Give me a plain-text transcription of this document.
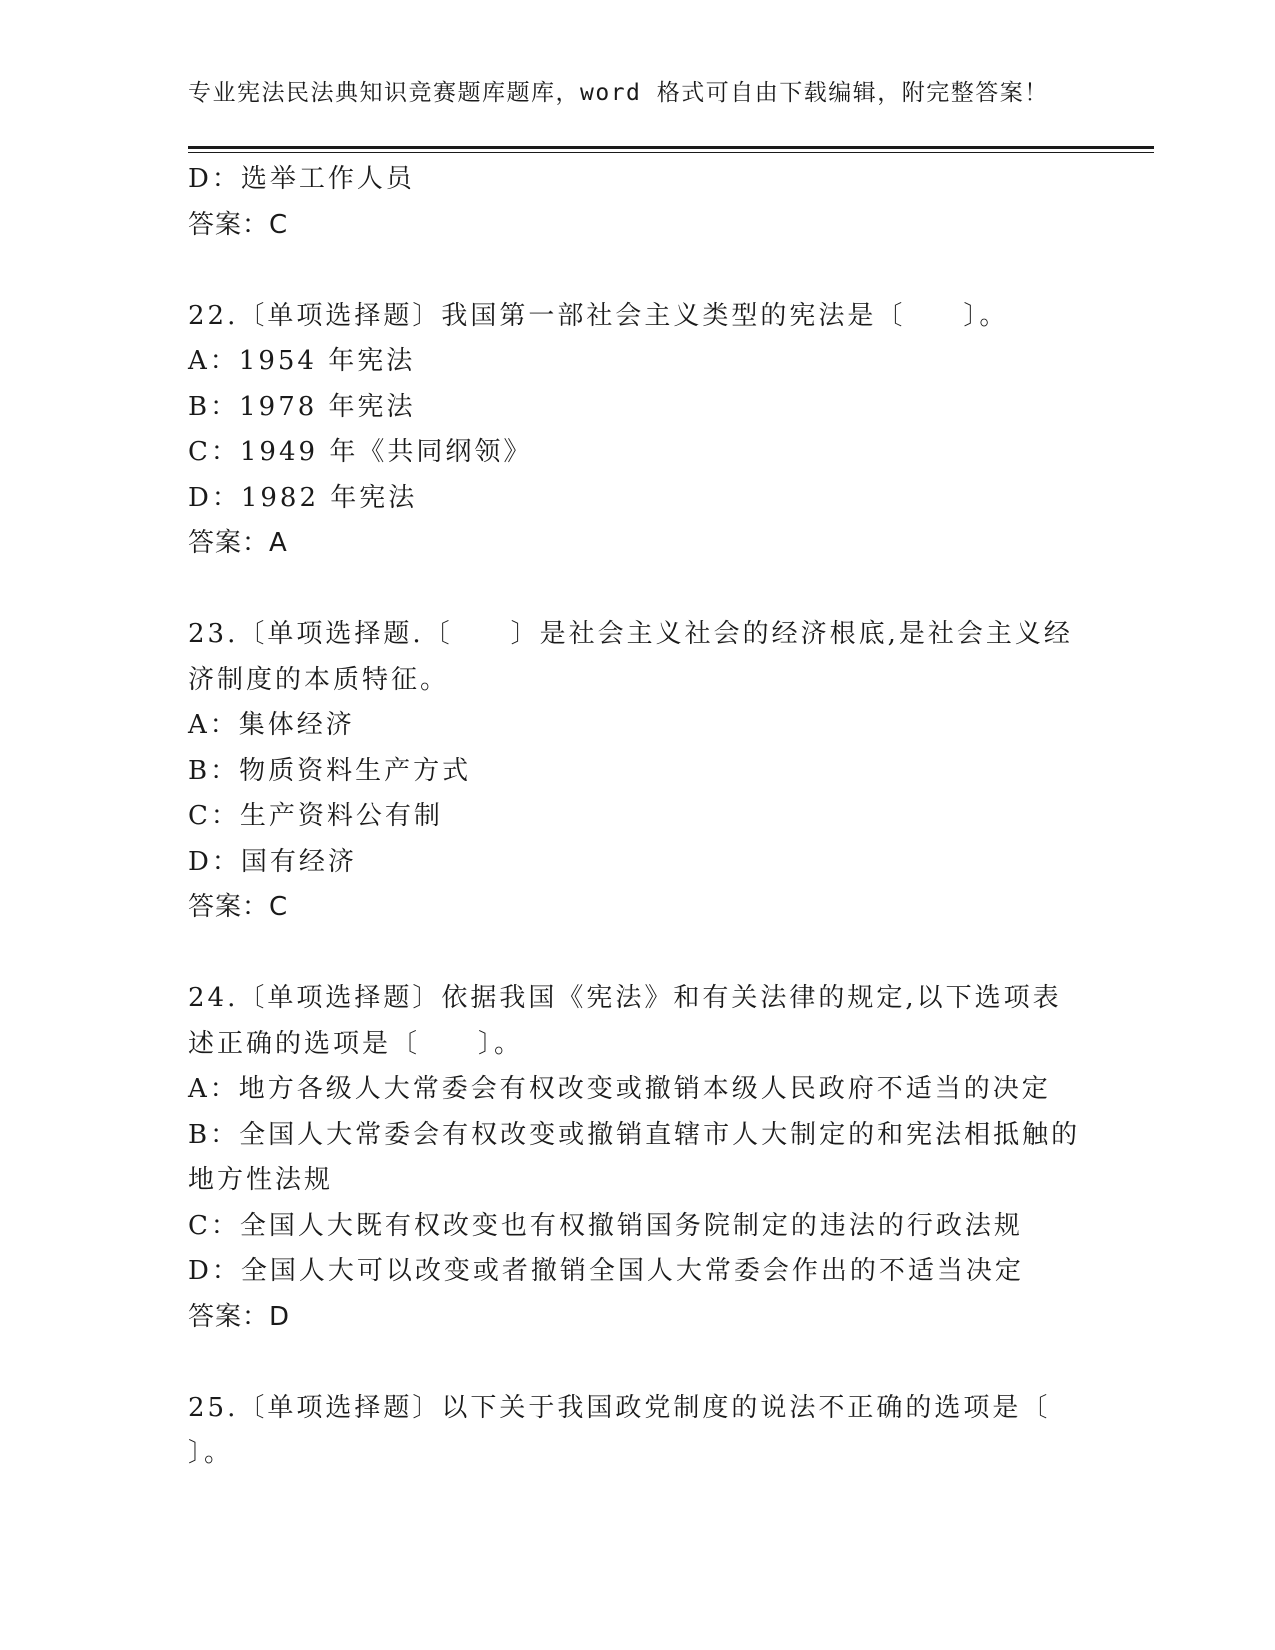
专业宪法民法典知识竞赛题库题库，word 格式可自由下载编辑，附完整答案！
D：选举工作人员
答案：C
22.〔单项选择题〕我国第一部社会主义类型的宪法是〔　　〕。
A：1954 年宪法
B：1978 年宪法
C：1949 年《共同纲领》
D：1982 年宪法
答案：A
23.〔单项选择题.〔　　〕是社会主义社会的经济根底,是社会主义经
济制度的本质特征。
A：集体经济
B：物质资料生产方式
C：生产资料公有制
D：国有经济
答案：C
24.〔单项选择题〕依据我国《宪法》和有关法律的规定,以下选项表
述正确的选项是〔　　〕。
A：地方各级人大常委会有权改变或撤销本级人民政府不适当的决定
B：全国人大常委会有权改变或撤销直辖市人大制定的和宪法相抵触的
地方性法规
C：全国人大既有权改变也有权撤销国务院制定的违法的行政法规
D：全国人大可以改变或者撤销全国人大常委会作出的不适当决定
答案：D
25.〔单项选择题〕以下关于我国政党制度的说法不正确的选项是〔
〕。
